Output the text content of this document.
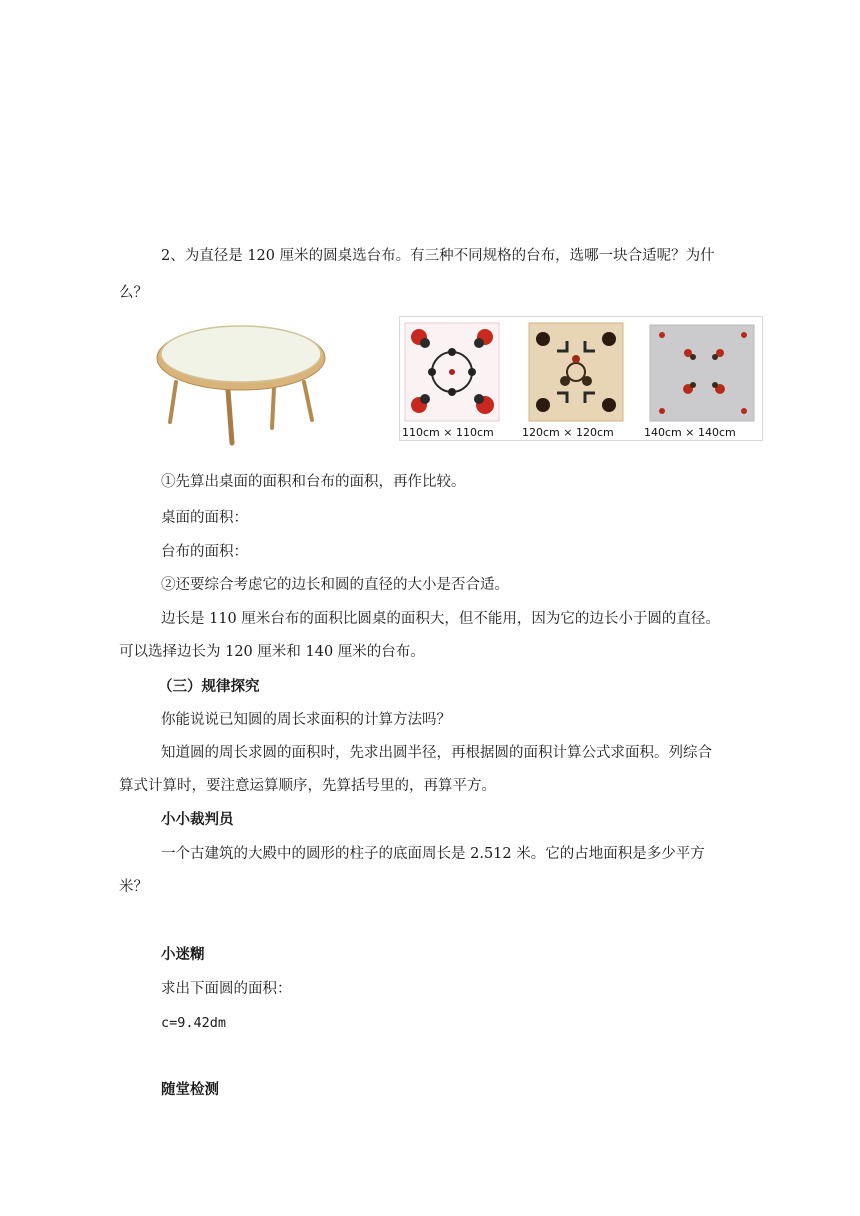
2、为直径是 120 厘米的圆桌选台布。有三种不同规格的台布，选哪一块合适呢？为什
么？
110cm × 110cm	120cm × 120cm	140cm × 140cm
①先算出桌面的面积和台布的面积，再作比较。
桌面的面积：
台布的面积：
②还要综合考虑它的边长和圆的直径的大小是否合适。
边长是 110 厘米台布的面积比圆桌的面积大，但不能用，因为它的边长小于圆的直径。
可以选择边长为 120 厘米和 140 厘米的台布。
（三）规律探究
你能说说已知圆的周长求面积的计算方法吗？
知道圆的周长求圆的面积时，先求出圆半径，再根据圆的面积计算公式求面积。列综合
算式计算时，要注意运算顺序，先算括号里的，再算平方。
小小裁判员
一个古建筑的大殿中的圆形的柱子的底面周长是 2.512 米。它的占地面积是多少平方
米？
小迷糊
求出下面圆的面积：
c=9.42dm
随堂检测
